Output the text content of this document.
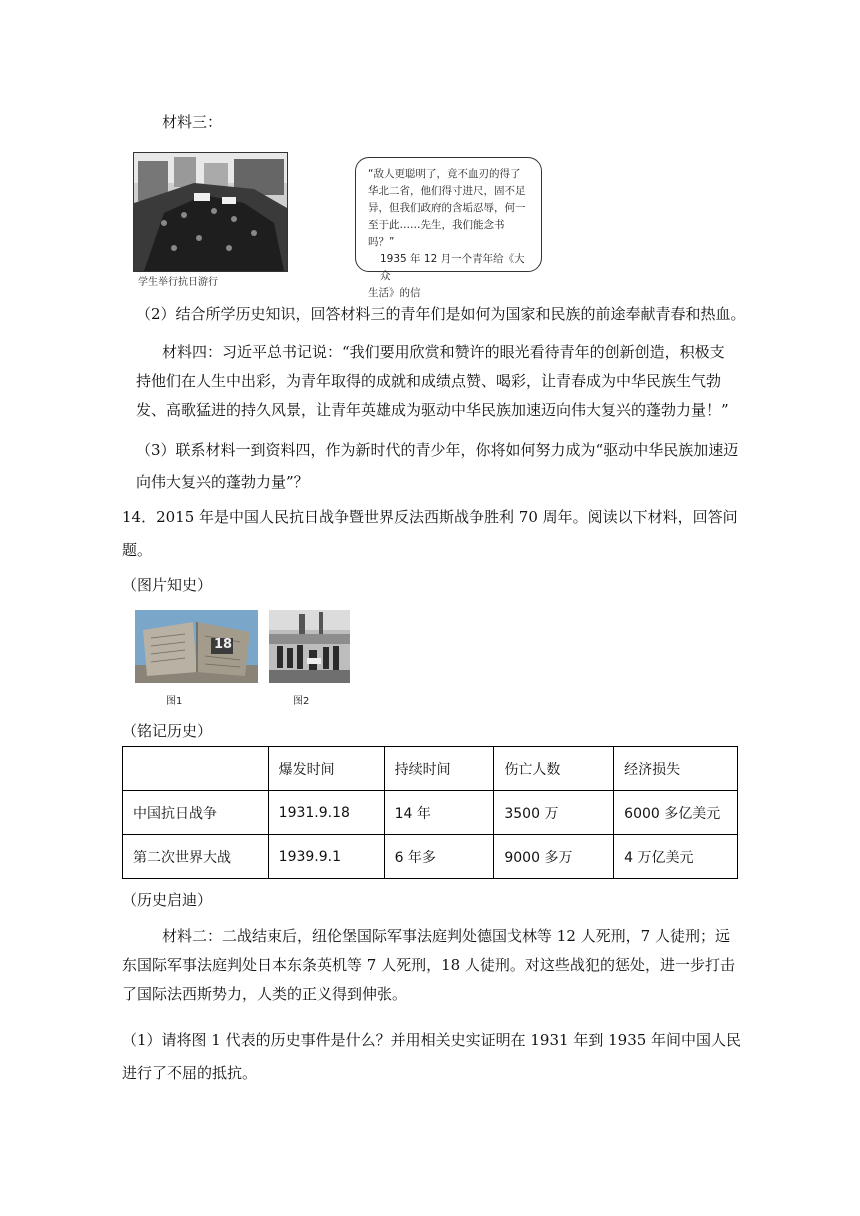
材料三：
学生举行抗日游行
“敌人更聪明了，竟不血刃的得了华北二省，他们得寸进尺，固不足异，但我们政府的含垢忍辱，何一至于此……先生，我们能念书吗？”
1935 年 12 月一个青年给《大众
生活》的信
（2）结合所学历史知识，回答材料三的青年们是如何为国家和民族的前途奉献青春和热血。
材料四：习近平总书记说：“我们要用欣赏和赞许的眼光看待青年的创新创造，积极支持他们在人生中出彩，为青年取得的成就和成绩点赞、喝彩，让青春成为中华民族生气勃发、高歌猛进的持久风景，让青年英雄成为驱动中华民族加速迈向伟大复兴的蓬勃力量！”
（3）联系材料一到资料四，作为新时代的青少年，你将如何努力成为“驱动中华民族加速迈
向伟大复兴的蓬勃力量”？
14．2015 年是中国人民抗日战争暨世界反法西斯战争胜利 70 周年。阅读以下材料，回答问
题。
（图片知史）
18
图1	图2
（铭记历史）
	爆发时间	持续时间	伤亡人数	经济损失
中国抗日战争	1931.9.18	14 年	3500 万	6000 多亿美元
第二次世界大战	1939.9.1	6 年多	9000 多万	4 万亿美元
（历史启迪）
材料二：二战结束后，纽伦堡国际军事法庭判处德国戈林等 12 人死刑，7 人徒刑；远东国际军事法庭判处日本东条英机等 7 人死刑，18 人徒刑。对这些战犯的惩处，进一步打击了国际法西斯势力，人类的正义得到伸张。
（1）请将图 1 代表的历史事件是什么？并用相关史实证明在 1931 年到 1935 年间中国人民
进行了不屈的抵抗。
